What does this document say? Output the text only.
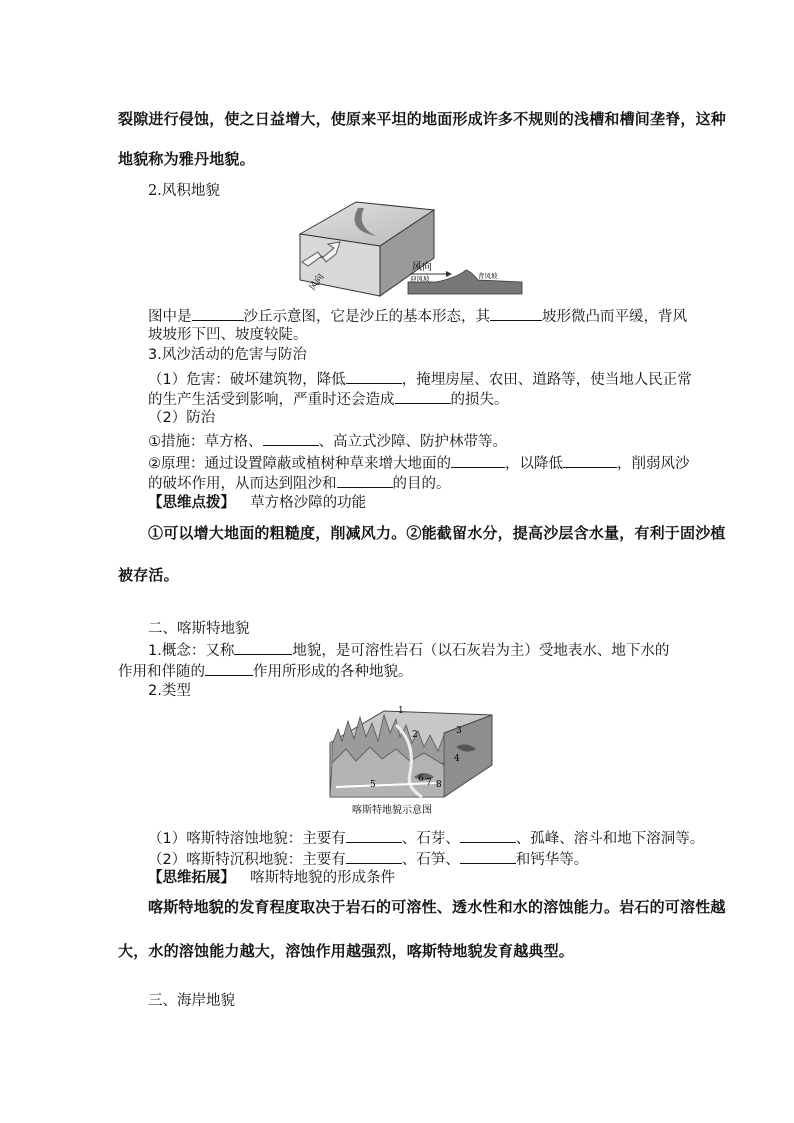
裂隙进行侵蚀，使之日益增大，使原来平坦的地面形成许多不规则的浅槽和槽间垄脊，这种
地貌称为雅丹地貌。
2.风积地貌
风向
风向
迎风坡	背风坡
图中是	沙丘示意图，它是沙丘的基本形态，其	坡形微凸而平缓，背风
坡坡形下凹、坡度较陡。
3.风沙活动的危害与防治
（1）危害：破坏建筑物，降低	，掩埋房屋、农田、道路等，使当地人民正常
的生产生活受到影响，严重时还会造成	的损失。
（2）防治
①措施：草方格、	、高立式沙障、防护林带等。
②原理：通过设置障蔽或植树种草来增大地面的	，以降低	，削弱风沙
的破坏作用，从而达到阻沙和	的目的。
【思维点拨】 草方格沙障的功能
①可以增大地面的粗糙度，削减风力。②能截留水分，提高沙层含水量，有利于固沙植
被存活。
二、喀斯特地貌
1.概念：又称	地貌，是可溶性岩石（以石灰岩为主）受地表水、地下水的
作用和伴随的	作用所形成的各种地貌。
2.类型
1
2	3
4
5
6 7 8
喀斯特地貌示意图
（1）喀斯特溶蚀地貌：主要有	、石芽、	、孤峰、溶斗和地下溶洞等。
（2）喀斯特沉积地貌：主要有	、石笋、	和钙华等。
【思维拓展】 喀斯特地貌的形成条件
喀斯特地貌的发育程度取决于岩石的可溶性、透水性和水的溶蚀能力。岩石的可溶性越
大，水的溶蚀能力越大，溶蚀作用越强烈，喀斯特地貌发育越典型。
三、海岸地貌
